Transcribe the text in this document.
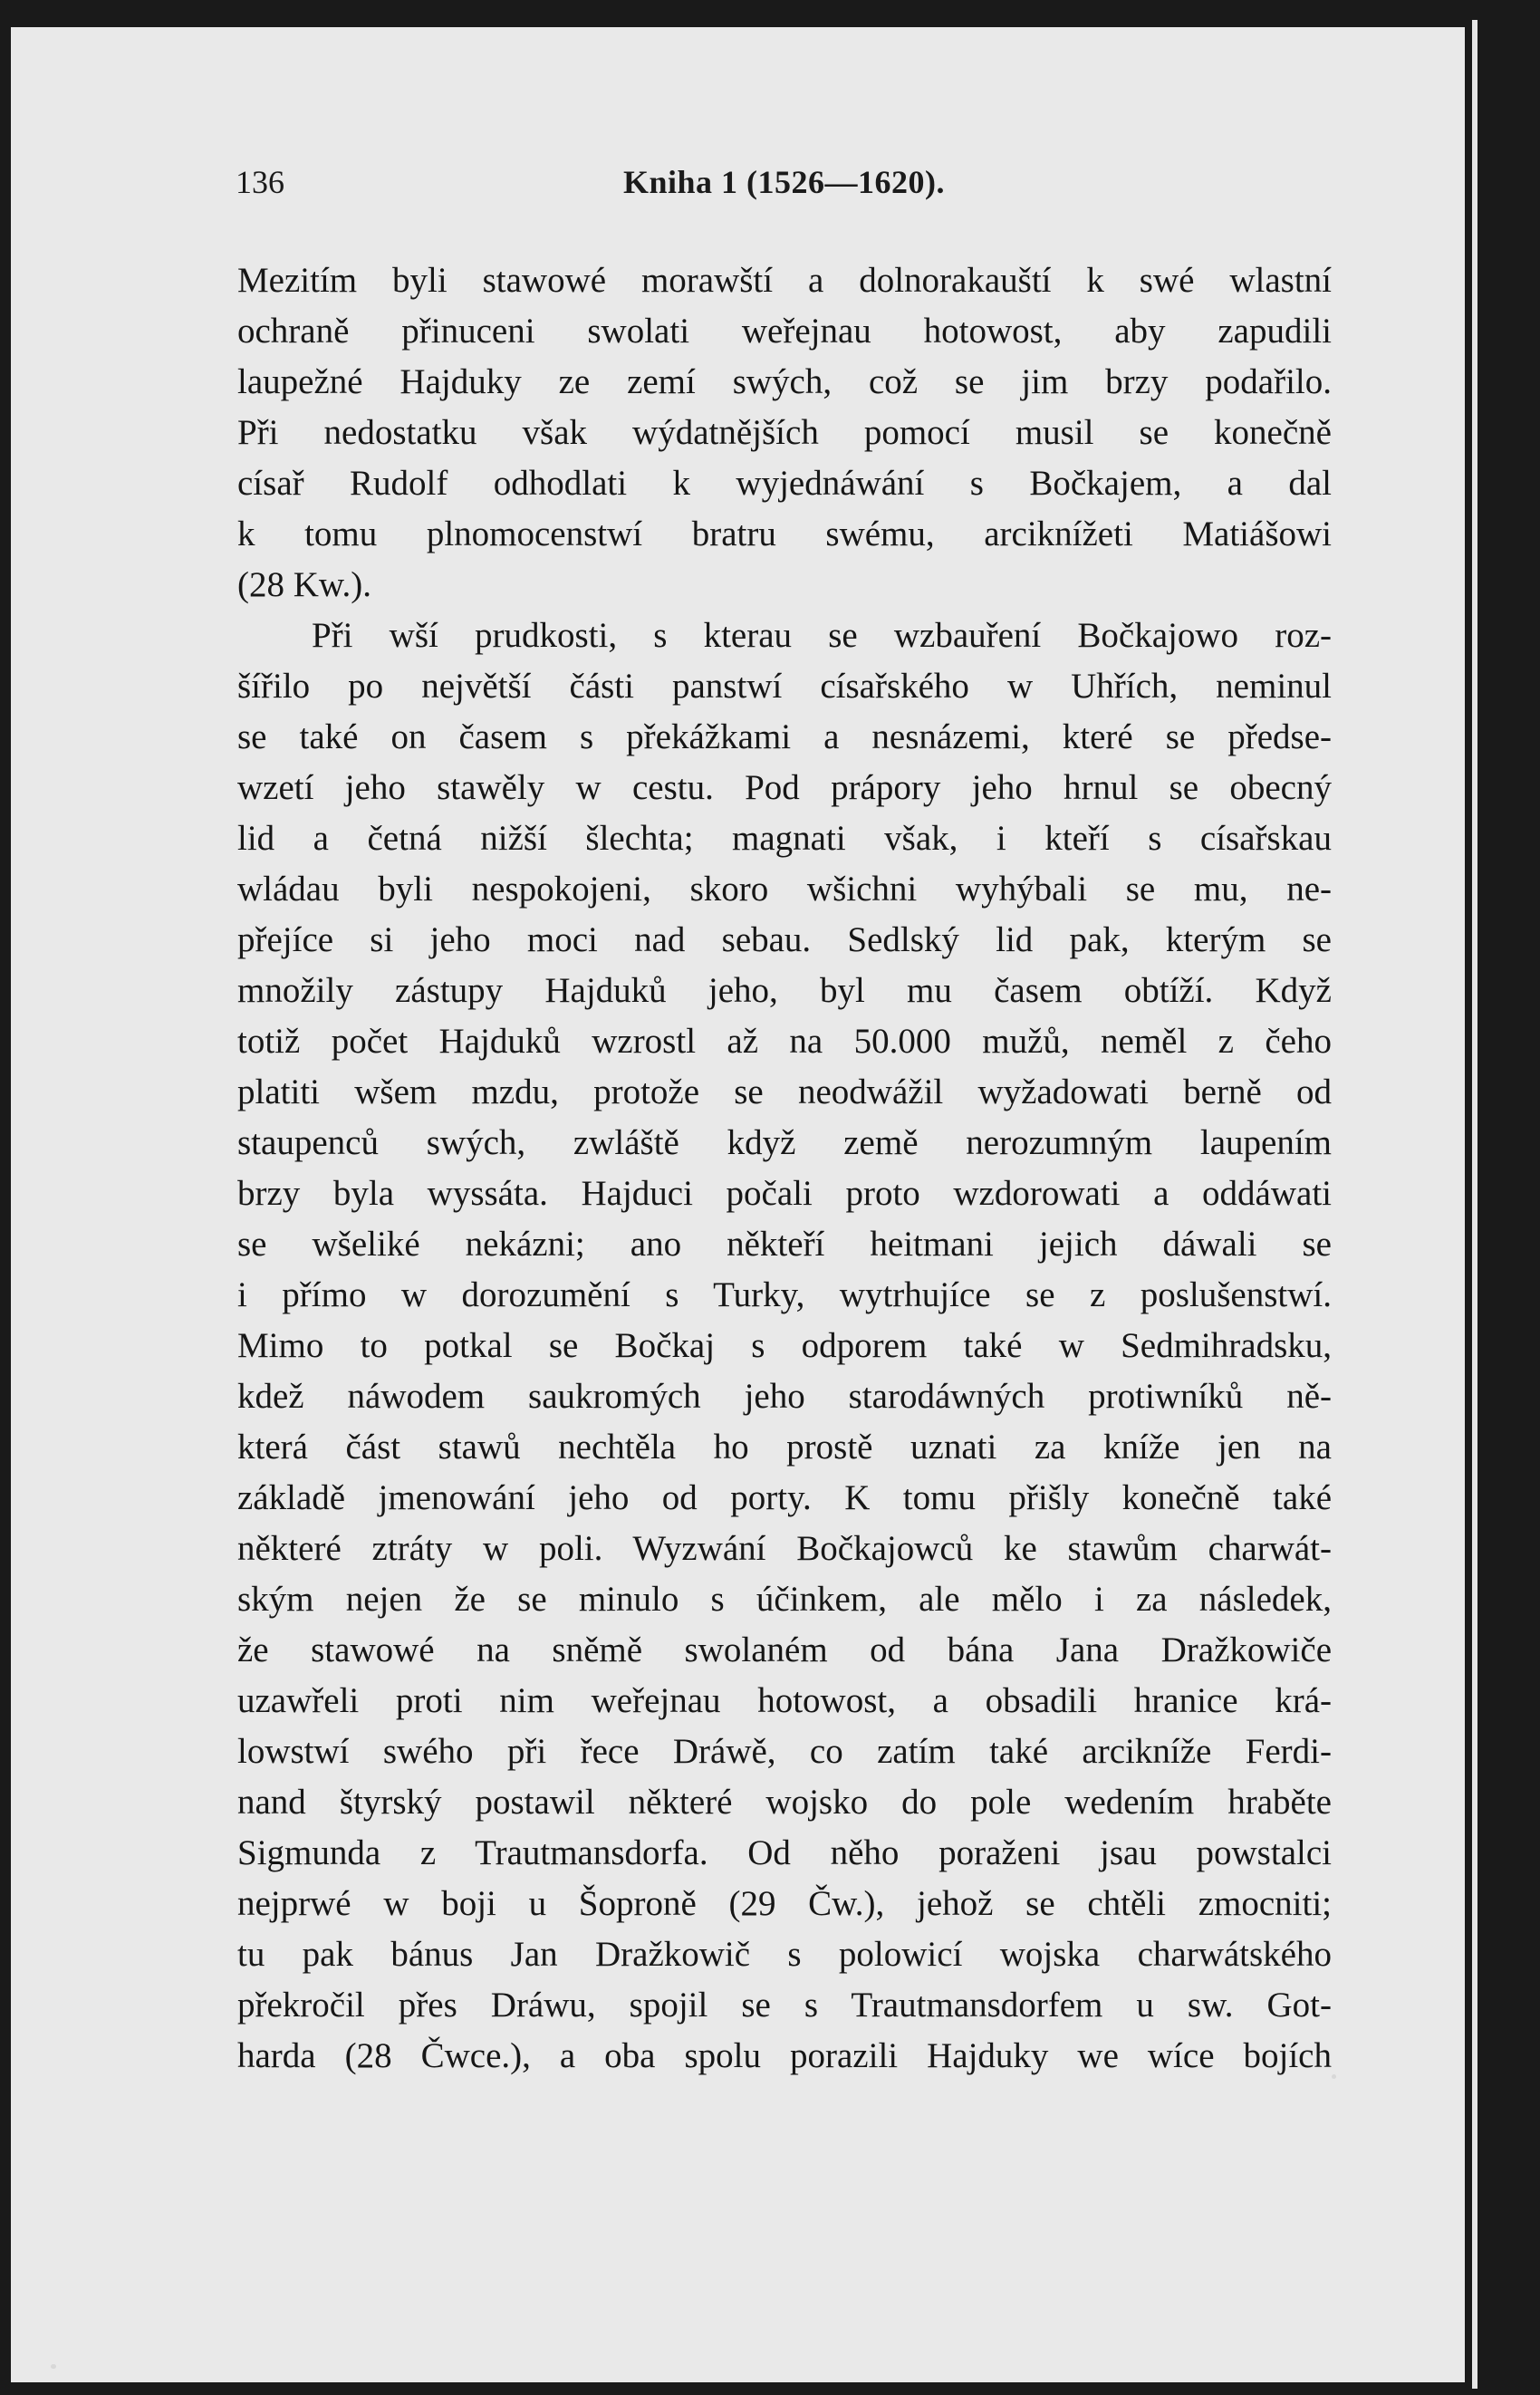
136	Kniha 1 (1526—1620).
Mezitím byli stawowé morawští a dolnorakauští k swé wlastní
ochraně přinuceni swolati weřejnau hotowost, aby zapudili
laupežné Hajduky ze zemí swých, což se jim brzy podařilo.
Při nedostatku však wýdatnějších pomocí musil se konečně
císař Rudolf odhodlati k wyjednáwání s Bočkajem, a dal
k tomu plnomocenstwí bratru swému, arciknížeti Matiášowi
(28 Kw.).
Při wší prudkosti, s kterau se wzbauření Bočkajowo roz-
šířilo po největší části panstwí císařského w Uhřích, neminul
se také on časem s překážkami a nesnázemi, které se předse-
wzetí jeho stawěly w cestu. Pod prápory jeho hrnul se obecný
lid a četná nižší šlechta; magnati však, i kteří s císařskau
wládau byli nespokojeni, skoro wšichni wyhýbali se mu, ne-
přejíce si jeho moci nad sebau. Sedlský lid pak, kterým se
množily zástupy Hajduků jeho, byl mu časem obtíží. Když
totiž počet Hajduků wzrostl až na 50.000 mužů, neměl z čeho
platiti wšem mzdu, protože se neodwážil wyžadowati berně od
staupenců swých, zwláště když země nerozumným laupením
brzy byla wyssáta. Hajduci počali proto wzdorowati a oddáwati
se wšeliké nekázni; ano někteří heitmani jejich dáwali se
i přímo w dorozumění s Turky, wytrhujíce se z poslušenstwí.
Mimo to potkal se Bočkaj s odporem také w Sedmihradsku,
kdež náwodem saukromých jeho starodáwných protiwníků ně-
která část stawů nechtěla ho prostě uznati za kníže jen na
základě jmenowání jeho od porty. K tomu přišly konečně také
některé ztráty w poli. Wyzwání Bočkajowců ke stawům charwát-
ským nejen že se minulo s účinkem, ale mělo i za následek,
že stawowé na sněmě swolaném od bána Jana Dražkowiče
uzawřeli proti nim weřejnau hotowost, a obsadili hranice krá-
lowstwí swého při řece Dráwě, co zatím také arcikníže Ferdi-
nand štyrský postawil některé wojsko do pole wedením hraběte
Sigmunda z Trautmansdorfa. Od něho poraženi jsau powstalci
nejprwé w boji u Šoproně (29 Čw.), jehož se chtěli zmocniti;
tu pak bánus Jan Dražkowič s polowicí wojska charwátského
překročil přes Dráwu, spojil se s Trautmansdorfem u sw. Got-
harda (28 Čwce.), a oba spolu porazili Hajduky we wíce bojích
